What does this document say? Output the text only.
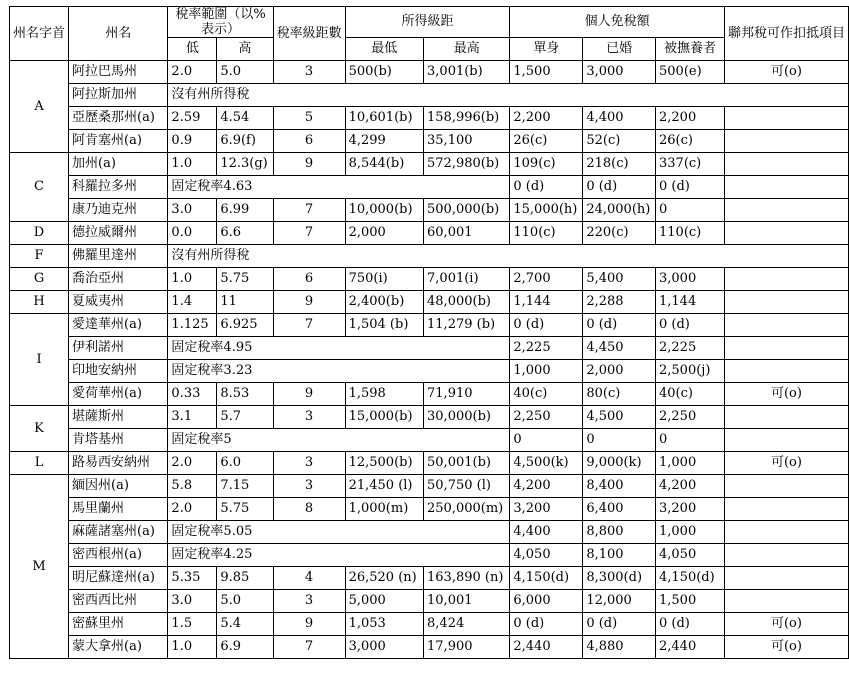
州名字首	州名	稅率範圍（以%表示）		稅率級距數	所得級距		個人免稅額			聯邦稅可作扣抵項目
		低	高		最低	最高	單身	已婚	被撫養者	
A	阿拉巴馬州	2.0	5.0	3	500(b)	3,001(b)	1,500	3,000	500(e)	可(o)
	阿拉斯加州	沒有州所得稅								
	亞歷桑那州(a)	2.59	4.54	5	10,601(b)	158,996(b)	2,200	4,400	2,200	
	阿肯塞州(a)	0.9	6.9(f)	6	4,299	35,100	26(c)	52(c)	26(c)	
C	加州(a)	1.0	12.3(g)	9	8,544(b)	572,980(b)	109(c)	218(c)	337(c)	
	科羅拉多州	固定稅率4.63					0 (d)	0 (d)	0 (d)	
	康乃迪克州	3.0	6.99	7	10,000(b)	500,000(b)	15,000(h)	24,000(h)	0	
D	德拉威爾州	0.0	6.6	7	2,000	60,001	110(c)	220(c)	110(c)	
F	佛羅里達州	沒有州所得稅								
G	喬治亞州	1.0	5.75	6	750(i)	7,001(i)	2,700	5,400	3,000	
H	夏威夷州	1.4	11	9	2,400(b)	48,000(b)	1,144	2,288	1,144	
I	愛達華州(a)	1.125	6.925	7	1,504 (b)	11,279 (b)	0 (d)	0 (d)	0 (d)	
	伊利諾州	固定稅率4.95					2,225	4,450	2,225	
	印地安納州	固定稅率3.23					1,000	2,000	2,500(j)	
	愛荷華州(a)	0.33	8.53	9	1,598	71,910	40(c)	80(c)	40(c)	可(o)
K	堪薩斯州	3.1	5.7	3	15,000(b)	30,000(b)	2,250	4,500	2,250	
	肯塔基州	固定稅率5					0	0	0	
L	路易西安納州	2.0	6.0	3	12,500(b)	50,001(b)	4,500(k)	9,000(k)	1,000	可(o)
M	緬因州(a)	5.8	7.15	3	21,450 (l)	50,750 (l)	4,200	8,400	4,200	
	馬里蘭州	2.0	5.75	8	1,000(m)	250,000(m)	3,200	6,400	3,200	
	麻薩諸塞州(a)	固定稅率5.05					4,400	8,800	1,000	
	密西根州(a)	固定稅率4.25					4,050	8,100	4,050	
	明尼蘇達州(a)	5.35	9.85	4	26,520 (n)	163,890 (n)	4,150(d)	8,300(d)	4,150(d)	
	密西西比州	3.0	5.0	3	5,000	10,001	6,000	12,000	1,500	
	密蘇里州	1.5	5.4	9	1,053	8,424	0 (d)	0 (d)	0 (d)	可(o)
	蒙大拿州(a)	1.0	6.9	7	3,000	17,900	2,440	4,880	2,440	可(o)
